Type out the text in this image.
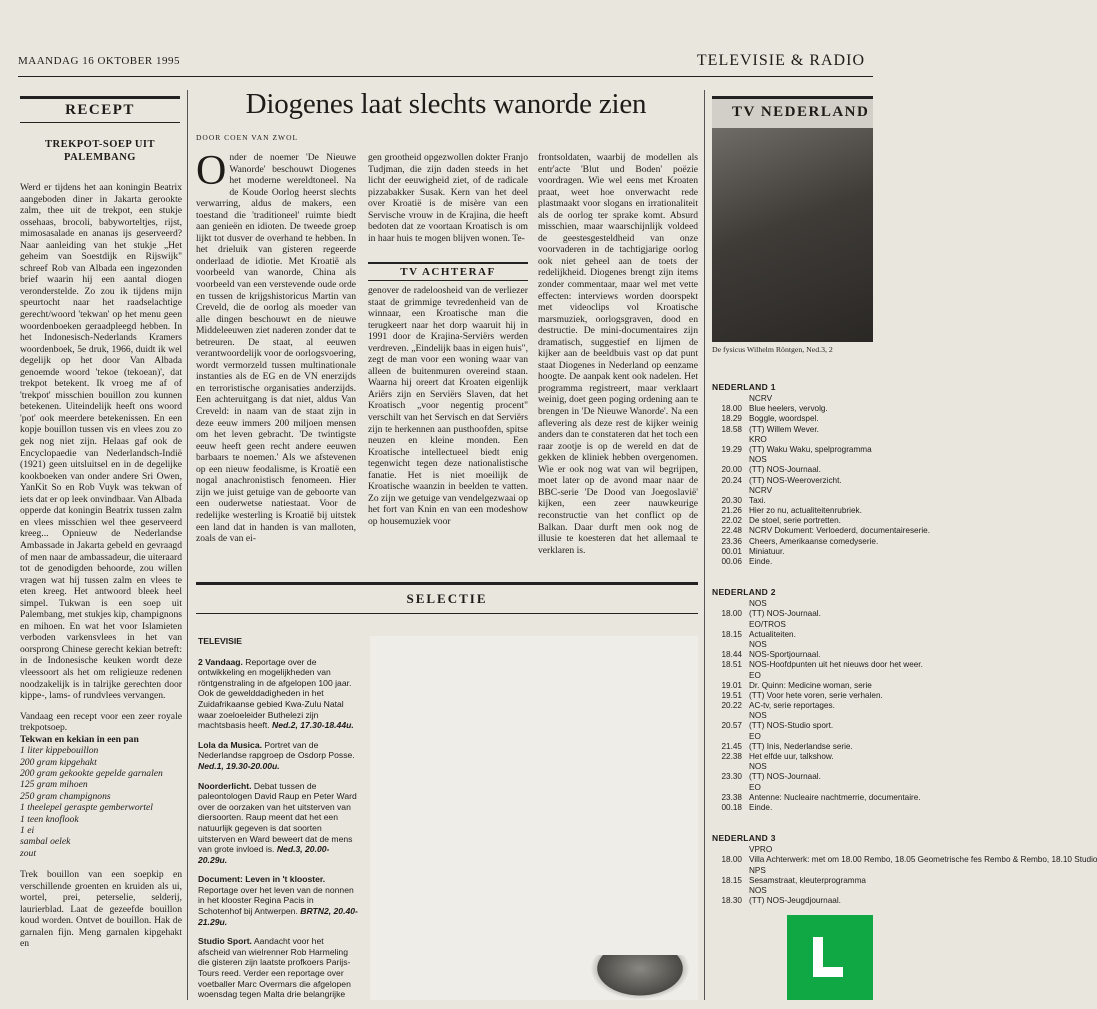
MAANDAG 16 OKTOBER 1995	TELEVISIE & RADIO
RECEPT
TREKPOT-SOEP UIT PALEMBANG

Werd er tijdens het aan koningin Beatrix aangeboden diner in Jakarta gerookte zalm, thee uit de trekpot, een stukje ossehaas, brocoli, babyworteltjes, rijst, mimosasalade en ananas ijs geserveerd? Naar aanleiding van het stukje „Het geheim van Soestdijk en Rijswijk" schreef Rob van Albada een ingezonden brief waarin hij een aantal diogen veronderstelde. Zo zou ik tijdens mijn speurtocht naar het raadselachtige gerecht/woord 'tekwan' op het menu geen woordenboeken geraadpleegd hebben. In het Indonesisch-Nederlands Kramers woordenboek, 5e druk, 1966, duidt ik wel degelijk op het door Van Albada genoemde woord 'tekoe (tekoean)', dat trekpot betekent. Ik vroeg me af of 'trekpot' misschien bouillon zou kunnen betekenen. Uiteindelijk heeft ons woord 'pot' ook meerdere betekenissen. En een kopje bouillon tussen vis en vlees zou zo gek nog niet zijn. Helaas gaf ook de Encyclopaedie van Nederlandsch-Indië (1921) geen uitsluitsel en in de degelijke kookboeken van onder andere Sri Owen, YanKit So en Rob Vuyk was tekwan of iets dat er op leek onvindbaar. Van Albada opperde dat koningin Beatrix tussen zalm en vlees misschien wel thee geserveerd kreeg... Opnieuw de Nederlandse Ambassade in Jakarta gebeld en gevraagd of men naar de ambassadeur, die uiteraard tot de genodigden behoorde, zou willen vragen wat hij tussen zalm en vlees te eten kreeg. Het antwoord bleek heel simpel. Tukwan is een soep uit Palembang, met stukjes kip, champignons en mihoen. En wat het voor Islamieten verboden varkensvlees in het van oorsprong Chinese gerecht kekian betreft: in de Indonesische keuken wordt deze vleessoort als het om religieuze redenen noodzakelijk is in talrijke gerechten door kippe-, lams- of rundvlees vervangen.

Vandaag een recept voor een zeer royale trekpotsoep.

Tekwan en kekian in een pan
1 liter kippebouillon
200 gram kipgehakt
200 gram gekookte gepelde garnalen
125 gram mihoen
250 gram champignons
1 theelepel geraspte gemberwortel
1 teen knoflook
1 ei
sambal oelek
zout

Trek bouillon van een soepkip en verschillende groenten en kruiden als ui, wortel, prei, peterselie, selderij, laurierblad. Laat de gezeefde bouillon koud worden. Ontvet de bouillon. Hak de garnalen fijn. Meng garnalen kipgehakt en

Diogenes laat slechts wanorde zien
DOOR COEN VAN ZWOL
O nder de noemer 'De Nieuwe Wanorde' beschouwt Diogenes het moderne wereldtoneel. Na de Koude Oorlog heerst slechts verwarring, aldus de makers, een toestand die 'traditioneel' ruimte biedt aan genieën en idioten. De tweede groep lijkt tot dusver de overhand te hebben. In het drieluik van gisteren regeerde onderlaad de idiotie. Met Kroatië als voorbeeld van wanorde, China als voorbeeld van een verstevende oude orde en tussen de krijgshistoricus Martin van Creveld, die de oorlog als moeder van alle dingen beschouwt en de nieuwe Middeleeuwen ziet naderen zonder dat te betreuren. De staat, al eeuwen verantwoordelijk voor de oorlogsvoering, wordt vermorzeld tussen multinationale instanties als de EG en de VN enerzijds en terroristische organisaties anderzijds. Een achteruitgang is dat niet, aldus Van Creveld: in naam van de staat zijn in deze eeuw immers 200 miljoen mensen om het leven gebracht. 'De twintigste eeuw heeft geen recht andere eeuwen barbaars te noemen.' Als we afstevenen op een nieuw feodalisme, is Kroatië een nogal anachronistisch fenomeen. Hier zijn we juist getuige van de geboorte van een ouderwetse natiestaat. Voor de redelijke westerling is Kroatië bij uitstek een land dat in handen is van malloten, zoals de van ei-

gen grootheid opgezwollen dokter Franjo Tudjman, die zijn daden steeds in het licht der eeuwigheid ziet, of de radicale pizzabakker Susak. Kern van het deel over Kroatië is de misère van een Servische vrouw in de Krajina, die heeft bedoten dat ze voortaan Kroatisch is om in haar huis te mogen blijven wonen. Te-

TV ACHTERAF

genover de radeloosheid van de verliezer staat de grimmige tevredenheid van de winnaar, een Kroatische man die terugkeert naar het dorp waaruit hij in 1991 door de Krajina-Serviërs werden verdreven. „Eindelijk baas in eigen huis", zegt de man voor een woning waar van alleen de buitenmuren overeind staan. Waarna hij oreert dat Kroaten eigenlijk Ariërs zijn en Serviërs Slaven, dat het Kroatisch „voor negentig procent" verschilt van het Servisch en dat Serviërs zijn te herkennen aan pusthoofden, spitse neuzen en kleine monden. Een Kroatische intellectueel biedt enig tegenwicht tegen deze nationalistische fanatie. Het is niet moeilijk de Kroatische waanzin in beelden te vatten. Zo zijn we getuige van vendelgezwaai op het fort van Knin en van een modeshow op housemuziek voor

frontsoldaten, waarbij de modellen als entr'acte 'Blut und Boden' poëzie voordragen. Wie wel eens met Kroaten praat, weet hoe onverwacht rede plastmaakt voor slogans en irrationaliteit als de oorlog ter sprake komt. Absurd misschien, maar waarschijnlijk voldeed de geestesgesteldheid van onze voorvaderen in de tachtigjarige oorlog ook niet geheel aan de toets der redelijkheid. Diogenes brengt zijn items zonder commentaar, maar wel met vette effecten: interviews worden doorspekt met videoclips vol Kroatische marsmuziek, oorlogsgraven, dood en destructie. De mini-documentaires zijn dramatisch, suggestief en lijmen de kijker aan de beeldbuis vast op dat punt staat Diogenes in Nederland op eenzame hoogte. De aanpak kent ook nadelen. Het programma registreert, maar verklaart weinig, doet geen poging ordening aan te brengen in 'De Nieuwe Wanorde'. Na een aflevering als deze rest de kijker weinig anders dan te constateren dat het toch een raar zootje is op de wereld en dat de gekken de kliniek hebben overgenomen. Wie er ook nog wat van wil begrijpen, moet later op de avond maar naar de BBC-serie 'De Dood van Joegoslavië' kijken, een zeer nauwkeurige reconstructie van het conflict op de Balkan. Daar durft men ook nog de illusie te koesteren dat het allemaal te verklaren is.

SELECTIE
TELEVISIE
2 Vandaag. Reportage over de ontwikkeling en mogelijkheden van röntgenstraling in de afgelopen 100 jaar. Ook de gewelddadigheden in het Zuidafrikaanse gebied Kwa-Zulu Natal waar zoeloeleider Buthelezi zijn machtsbasis heeft. Ned.2, 17.30-18.44u.
Lola da Musica. Portret van de Nederlandse rapgroep de Osdorp Posse. Ned.1, 19.30-20.00u.
Noorderlicht. Debat tussen de paleontologen David Raup en Peter Ward over de oorzaken van het uitsterven van diersoorten. Raup meent dat het een natuurlijk gegeven is dat soorten uitsterven en Ward beweert dat de mens van grote invloed is. Ned.3, 20.00-20.29u.
Document: Leven in 't klooster. Reportage over het leven van de nonnen in het klooster Regina Pacis in Schotenhof bij Antwerpen. BRTN2, 20.40-21.29u.
Studio Sport. Aandacht voor het afscheid van wielrenner Rob Harmeling die gisteren zijn laatste profkoers Parijs-Tours reed. Verder een reportage over voetballer Marc Overmars die afgelopen woensdag tegen Malta drie belangrijke
TV NEDERLAND
De fysicus Wilhelm Röntgen, Ned.3, 2
NEDERLAND 1
NCRV
18.00 Blue heelers, vervolg.
18.29 Boggle, woordspel.
18.58 (TT) Willem Wever.
KRO
19.29 (TT) Waku Waku, spelprogramma
NOS
20.00 (TT) NOS-Journaal.
20.24 (TT) NOS-Weeroverzicht.
NCRV
20.30 Taxi.
21.26 Hier zo nu, actualiteitenrubriek.
22.02 De stoel, serie portretten.
22.48 NCRV Dokument: Verloederd, documentaireserie.
23.36 Cheers, Amerikaanse comedyserie.
00.01 Miniatuur.
00.06 Einde.
NEDERLAND 2
NOS
18.00 (TT) NOS-Journaal.
EO/TROS
18.15 Actualiteiten.
NOS
18.44 NOS-Sportjournaal.
18.51 NOS-Hoofdpunten uit het nieuws door het weer.
EO
19.01 Dr. Quinn: Medicine woman, serie
19.51 (TT) Voor hete voren, serie verhalen.
20.22 AC-tv, serie reportages.
NOS
20.57 (TT) NOS-Studio sport.
EO
21.45 (TT) Inis, Nederlandse serie.
22.38 Het elfde uur, talkshow.
NOS
23.30 (TT) NOS-Journaal.
EO
23.38 Antenne: Nucleaire nachtmerrie, documentaire.
00.18 Einde.
NEDERLAND 3
VPRO
18.00 Villa Achterwerk: met om 18.00 Rembo, 18.05 Geometrische fes Rembo & Rembo, 18.10 Studio
NPS
18.15 Sesamstraat, kleuterprogramma
NOS
18.30 (TT) NOS-Jeugdjournaal.
